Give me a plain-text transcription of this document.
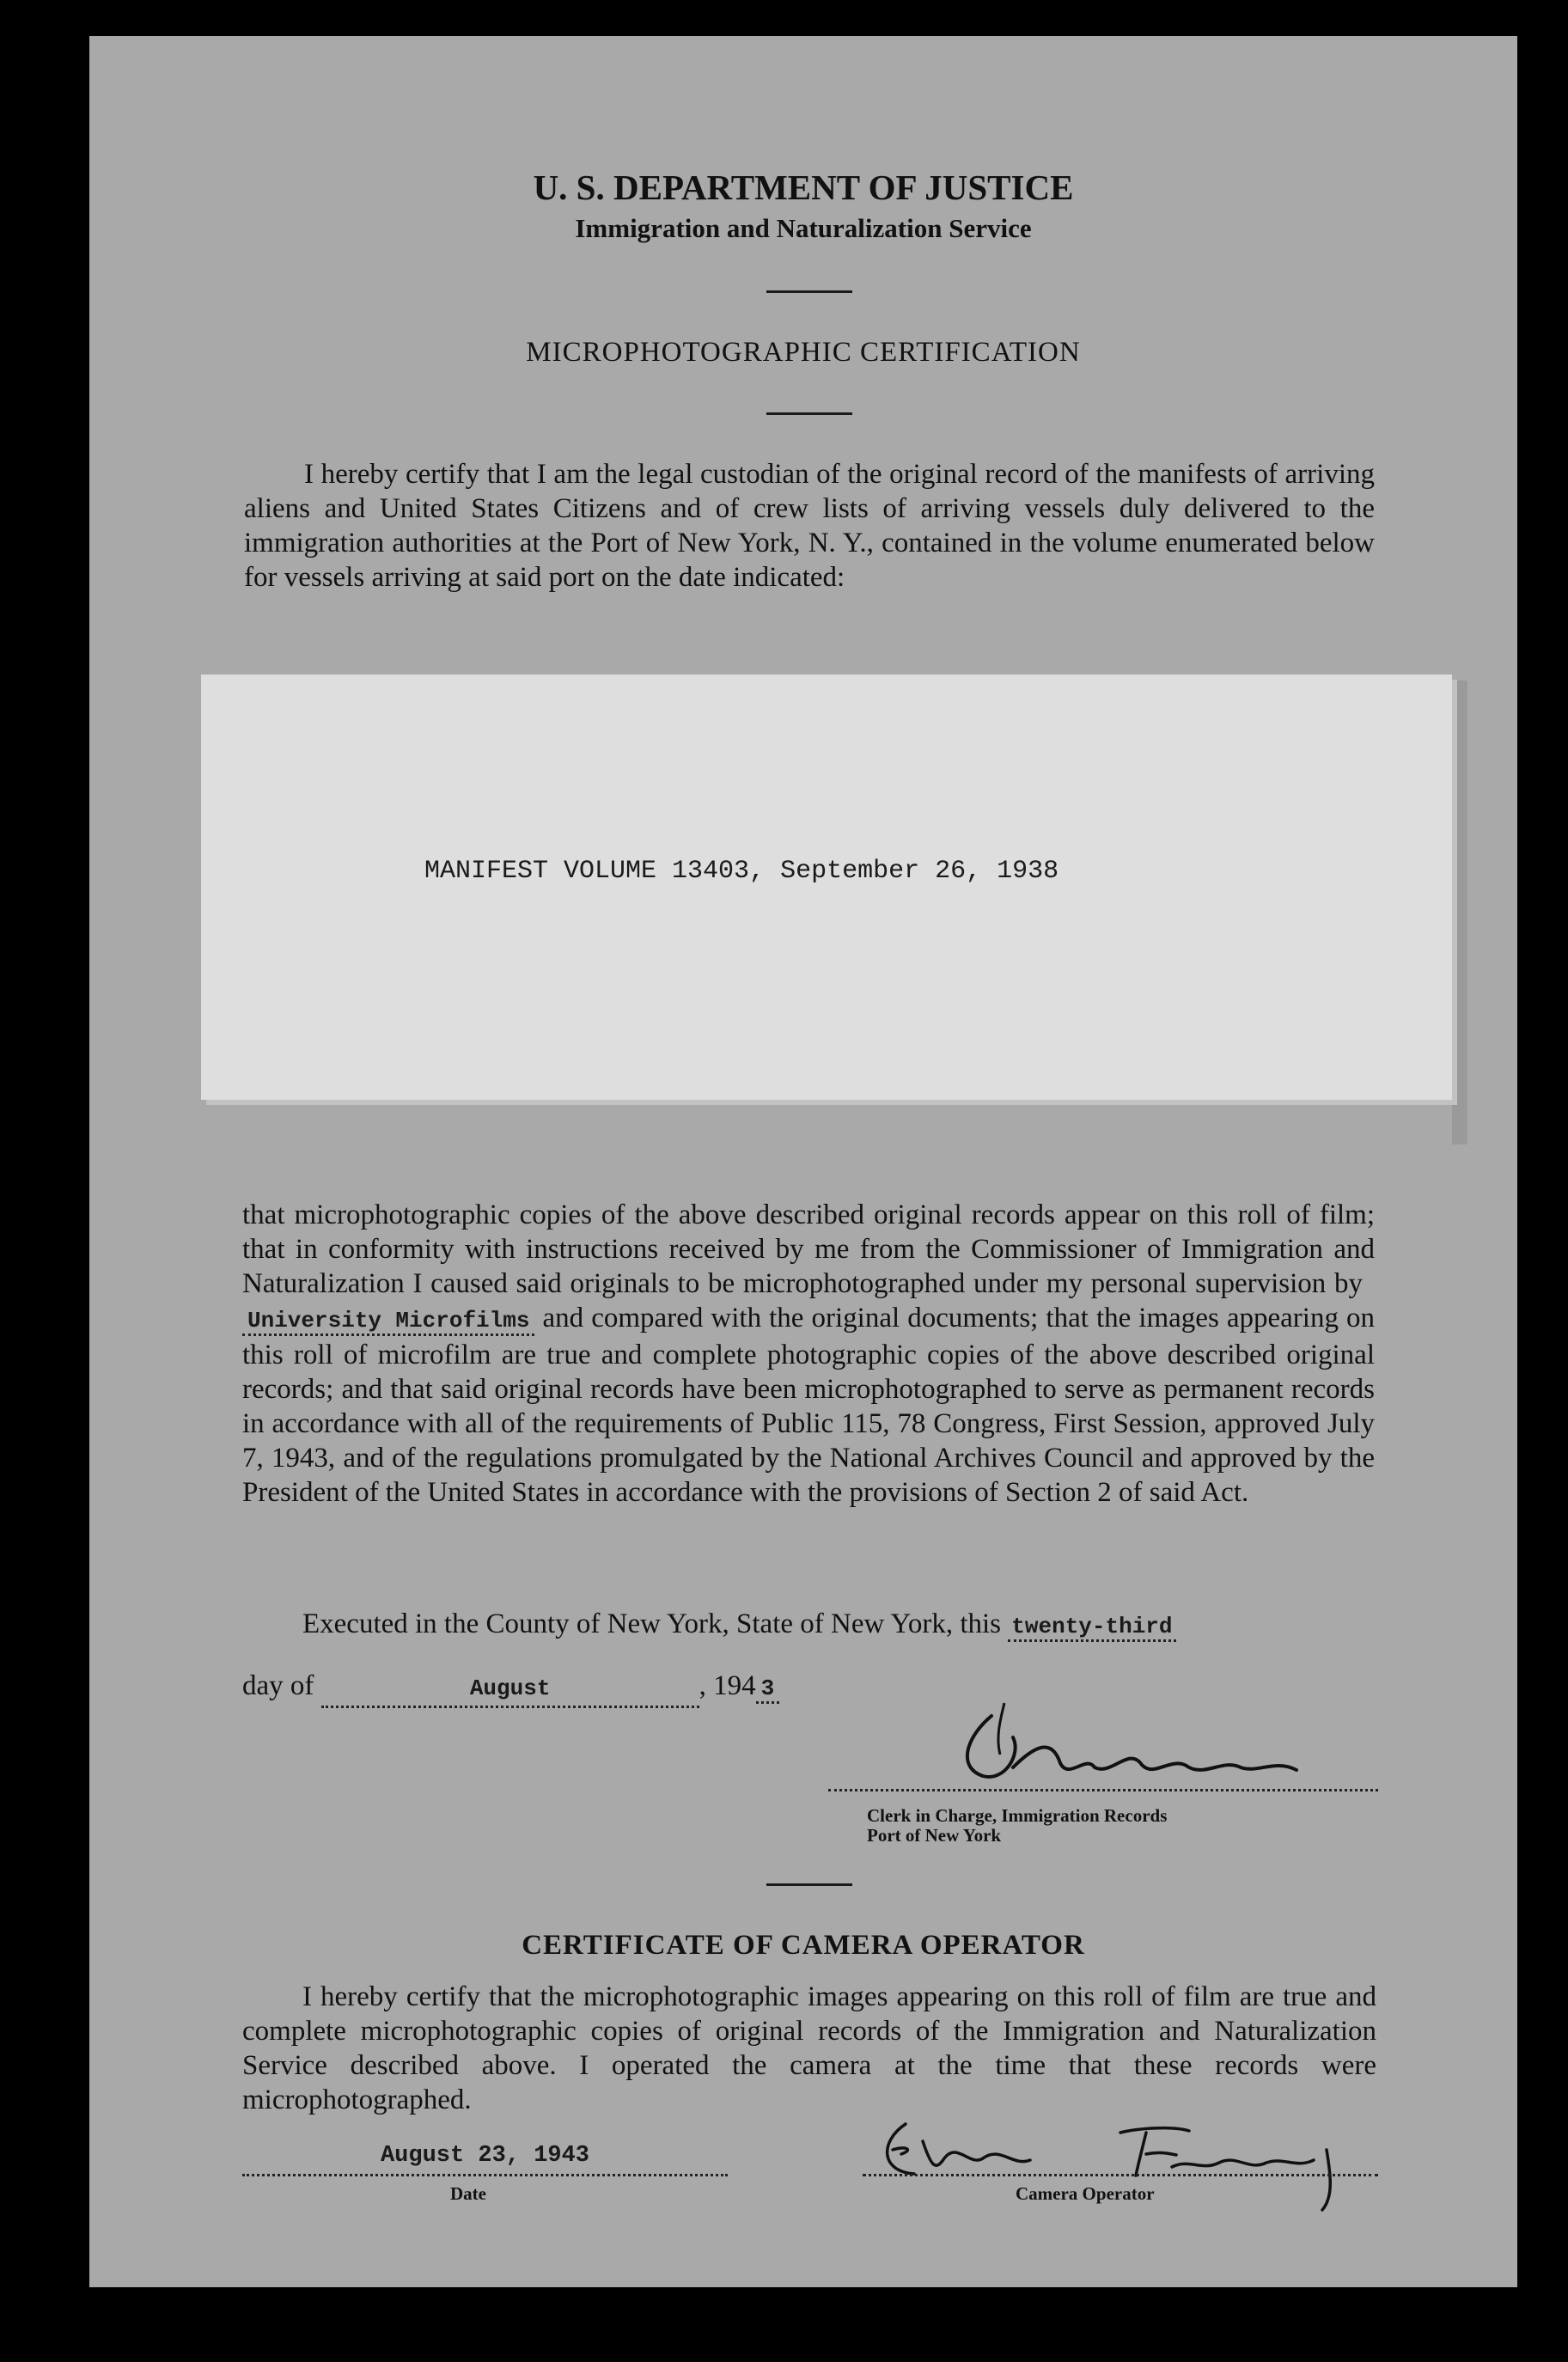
U. S. DEPARTMENT OF JUSTICE
Immigration and Naturalization Service
MICROPHOTOGRAPHIC CERTIFICATION
I hereby certify that I am the legal custodian of the original record of the manifests of arriving aliens and United States Citizens and of crew lists of arriving vessels duly delivered to the immigration authorities at the Port of New York, N. Y., contained in the volume enumerated below for vessels arriving at said port on the date indicated:
MANIFEST VOLUME 13403, September 26, 1938
that microphotographic copies of the above described original records appear on this roll of film; that in conformity with instructions received by me from the Commissioner of Immigration and Naturalization I caused said originals to be microphotographed under my personal supervision byUniversity Microfilms and compared with the original documents; that the images appearing on this roll of microfilm are true and complete photographic copies of the above described original records; and that said original records have been microphotographed to serve as permanent records in accordance with all of the requirements of Public 115, 78 Congress, First Session, approved July 7, 1943, and of the regulations promulgated by the National Archives Council and approved by the President of the United States in accordance with the provisions of Section 2 of said Act.
Executed in the County of New York, State of New York, this twenty-third
day of	August	, 194 3
Clerk in Charge, Immigration Records
Port of New York
CERTIFICATE OF CAMERA OPERATOR
I hereby certify that the microphotographic images appearing on this roll of film are true and complete microphotographic copies of original records of the Immigration and Naturalization Service described above. I operated the camera at the time that these records were microphotographed.
August 23, 1943
Date	Camera Operator
